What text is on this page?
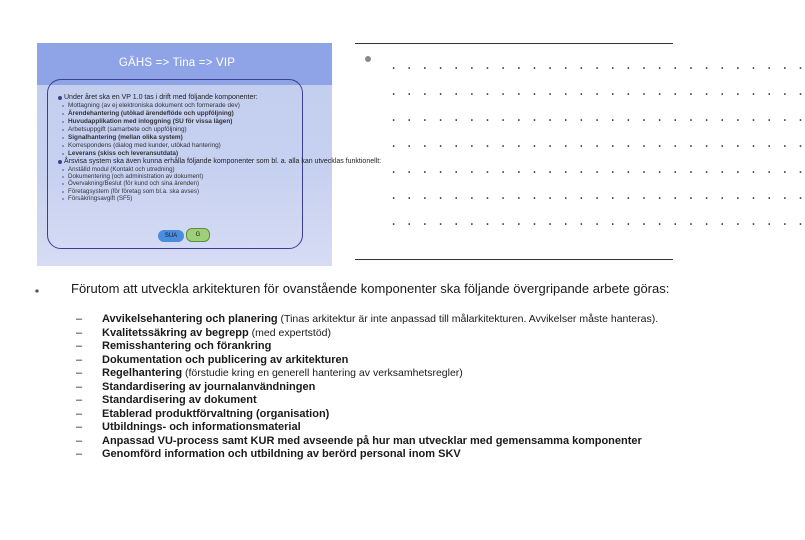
GÄHS => Tina => VIP
Under året ska en VP 1.0 tas i drift med följande komponenter:
Mottagning (av ej elektroniska dokument och formerade dev)
Ärendehantering (utökad ärendeflöde och uppföljning)
Huvudapplikation med inloggning (SU för vissa lägen)
Arbetsuppgift (samarbete och uppföljning)
Signalhantering (mellan olika system)
Korrespondens (dialog med kunder, utökad hantering)
Leverans (skiss och leveransutdata)
Årsvisa system ska även kunna erhålla följande komponenter som bl. a. alla kan utvecklas funktionellt:
Anställd modul (Kontakt och utredning)
Dokumentering (och administration av dokument)
Övervakning/Beslut (för kund och sina ärenden)
Företagsystem (för företag som bl.a. ska avses)
Försäkringsavgift (SF5)
SUA	G
. . . . . . . . . . . . . . . . . . . . . . . . . . .
. . . . . . . . . . . . . . . . . . . . . . . . . . .
. . . . . . . . . . . . . . . . . . . . . . . . . . .
. . . . . . . . . . . . . . . . . . . . . . . . . . .
. . . . . . . . . . . . . . . . . . . . . . . . . . .
. . . . . . . . . . . . . . . . . . . . . . . . . . .
. . . . . . . . . . . . . . . . . . . . . . . . . . .
Förutom att utveckla arkitekturen för ovanstående komponenter ska följande övergripande arbete göras:
– Avvikelsehantering och planering (Tinas arkitektur är inte anpassad till målarkitekturen. Avvikelser måste hanteras).
– Kvalitetssäkring av begrepp (med expertstöd)
– Remisshantering och förankring
– Dokumentation och publicering av arkitekturen
– Regelhantering (förstudie kring en generell hantering av verksamhetsregler)
– Standardisering av journalanvändningen
– Standardisering av dokument
– Etablerad produktförvaltning (organisation)
– Utbildnings- och informationsmaterial
– Anpassad VU-process samt KUR med avseende på hur man utvecklar med gemensamma komponenter
– Genomförd information och utbildning av berörd personal inom SKV
